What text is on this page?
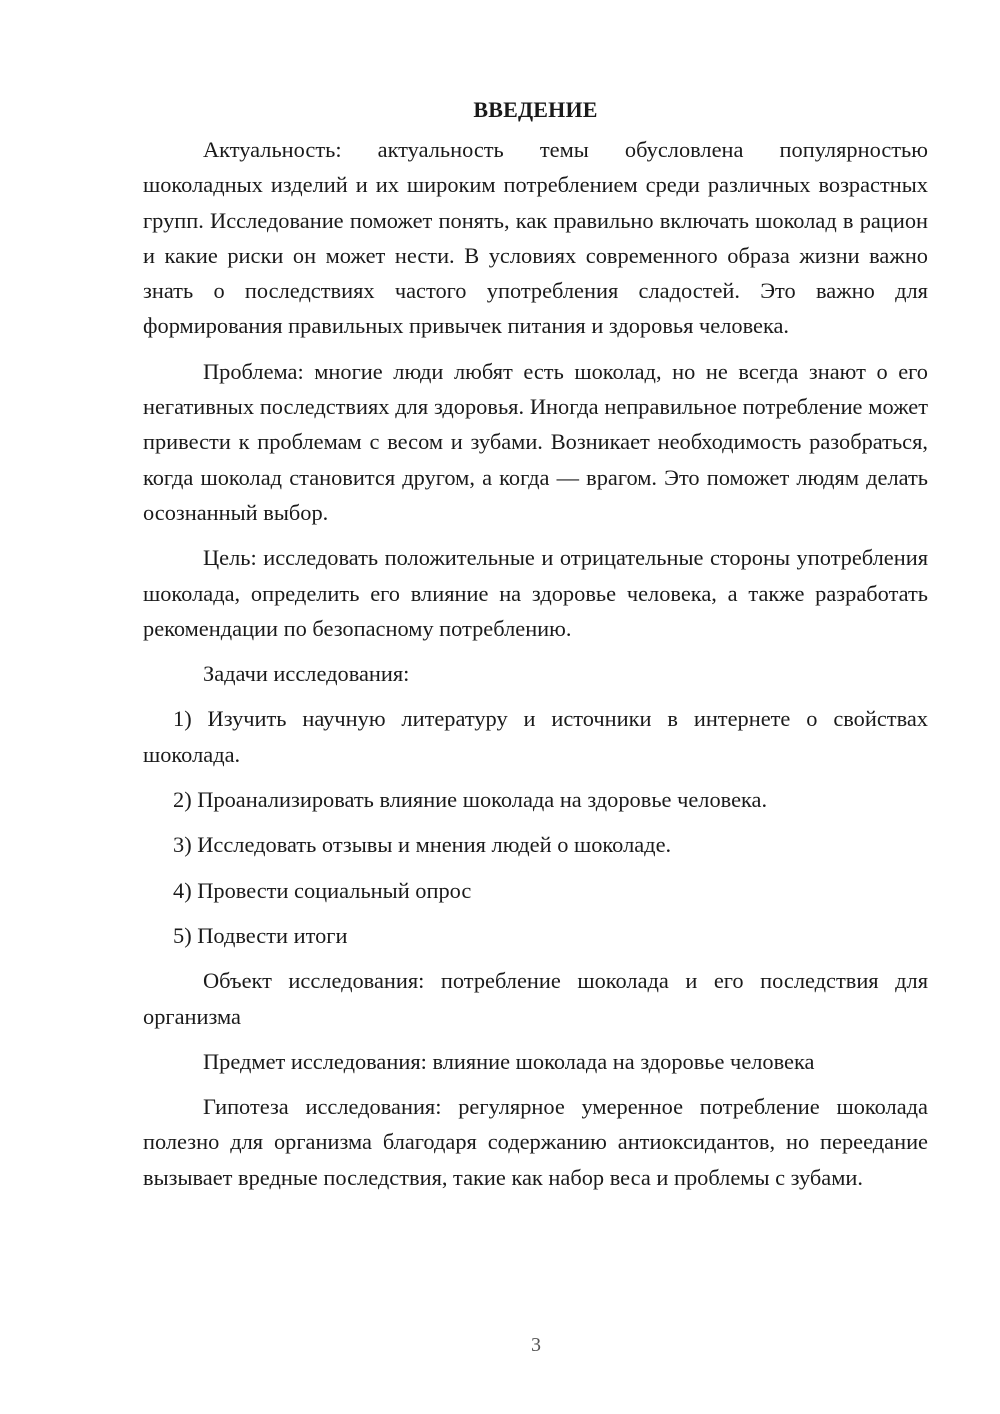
ВВЕДЕНИЕ

Актуальность: актуальность темы обусловлена популярностью шоколадных изделий и их широким потреблением среди различных возрастных групп. Исследование поможет понять, как правильно включать шоколад в рацион и какие риски он может нести. В условиях современного образа жизни важно знать о последствиях частого употребления сладостей. Это важно для формирования правильных привычек питания и здоровья человека.

Проблема: многие люди любят есть шоколад, но не всегда знают о его негативных последствиях для здоровья. Иногда неправильное потребление может привести к проблемам с весом и зубами. Возникает необходимость разобраться, когда шоколад становится другом, а когда — врагом. Это поможет людям делать осознанный выбор.

Цель: исследовать положительные и отрицательные стороны употребления шоколада, определить его влияние на здоровье человека, а также разработать рекомендации по безопасному потреблению.

Задачи исследования:

1) Изучить научную литературу и источники в интернете о свойствах шоколада.

2) Проанализировать влияние шоколада на здоровье человека.

3) Исследовать отзывы и мнения людей о шоколаде.

4) Провести социальный опрос

5) Подвести итоги

Объект исследования: потребление шоколада и его последствия для организма

Предмет исследования: влияние шоколада на здоровье человека

Гипотеза исследования: регулярное умеренное потребление шоколада полезно для организма благодаря содержанию антиоксидантов, но переедание вызывает вредные последствия, такие как набор веса и проблемы с зубами.

3
